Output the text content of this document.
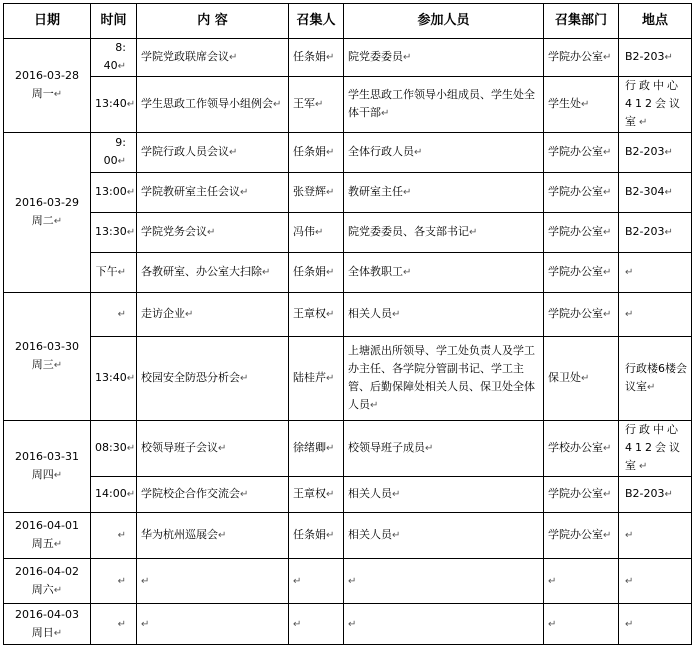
日期	时间	内 容	召集人	参加人员	召集部门	地点

2016-03-28
周一 ↵	8: 40 ↵	学院党政联席会议 ↵	任条娟 ↵	院党委委员 ↵	学院办公室 ↵	B2-203 ↵
	13:40 ↵	学生思政工作领导小组例会 ↵	王军 ↵	学生思政工作领导小组成员、学生处全体干部 ↵	学生处 ↵	行政中心412会议室 ↵

2016-03-29
周二 ↵	9: 00 ↵	学院行政人员会议 ↵	任条娟 ↵	全体行政人员 ↵	学院办公室 ↵	B2-203 ↵
	13:00 ↵	学院教研室主任会议 ↵	张登辉 ↵	教研室主任 ↵	学院办公室 ↵	B2-304 ↵
	13:30 ↵	学院党务会议 ↵	冯伟 ↵	院党委委员、各支部书记 ↵	学院办公室 ↵	B2-203 ↵
	下午 ↵	各教研室、办公室大扫除 ↵	任条娟 ↵	全体教职工 ↵	学院办公室 ↵	↵

2016-03-30
周三 ↵
	↵	走访企业 ↵	王章权 ↵	相关人员 ↵	学院办公室 ↵	↵
	13:40 ↵	校园安全防恐分析会 ↵	陆桂芹 ↵	上塘派出所领导、学工处负责人及学工办主任、各学院分管副书记、学工主管、后勤保障处相关人员、保卫处全体人员 ↵	保卫处 ↵	行政楼6楼会议室 ↵

2016-03-31
周四 ↵	08:30 ↵	校领导班子会议 ↵	徐绪卿 ↵	校领导班子成员 ↵	学校办公室 ↵	行政中心412会议室 ↵
	14:00 ↵	学院校企合作交流会 ↵	王章权 ↵	相关人员 ↵	学院办公室 ↵	B2-203 ↵

2016-04-01
周五 ↵
	↵	华为杭州巡展会 ↵	任条娟 ↵	相关人员 ↵	学院办公室 ↵	↵

2016-04-02
周六 ↵
	↵	↵	↵	↵	↵	↵

2016-04-03
周日 ↵
	↵	↵	↵	↵	↵	↵
